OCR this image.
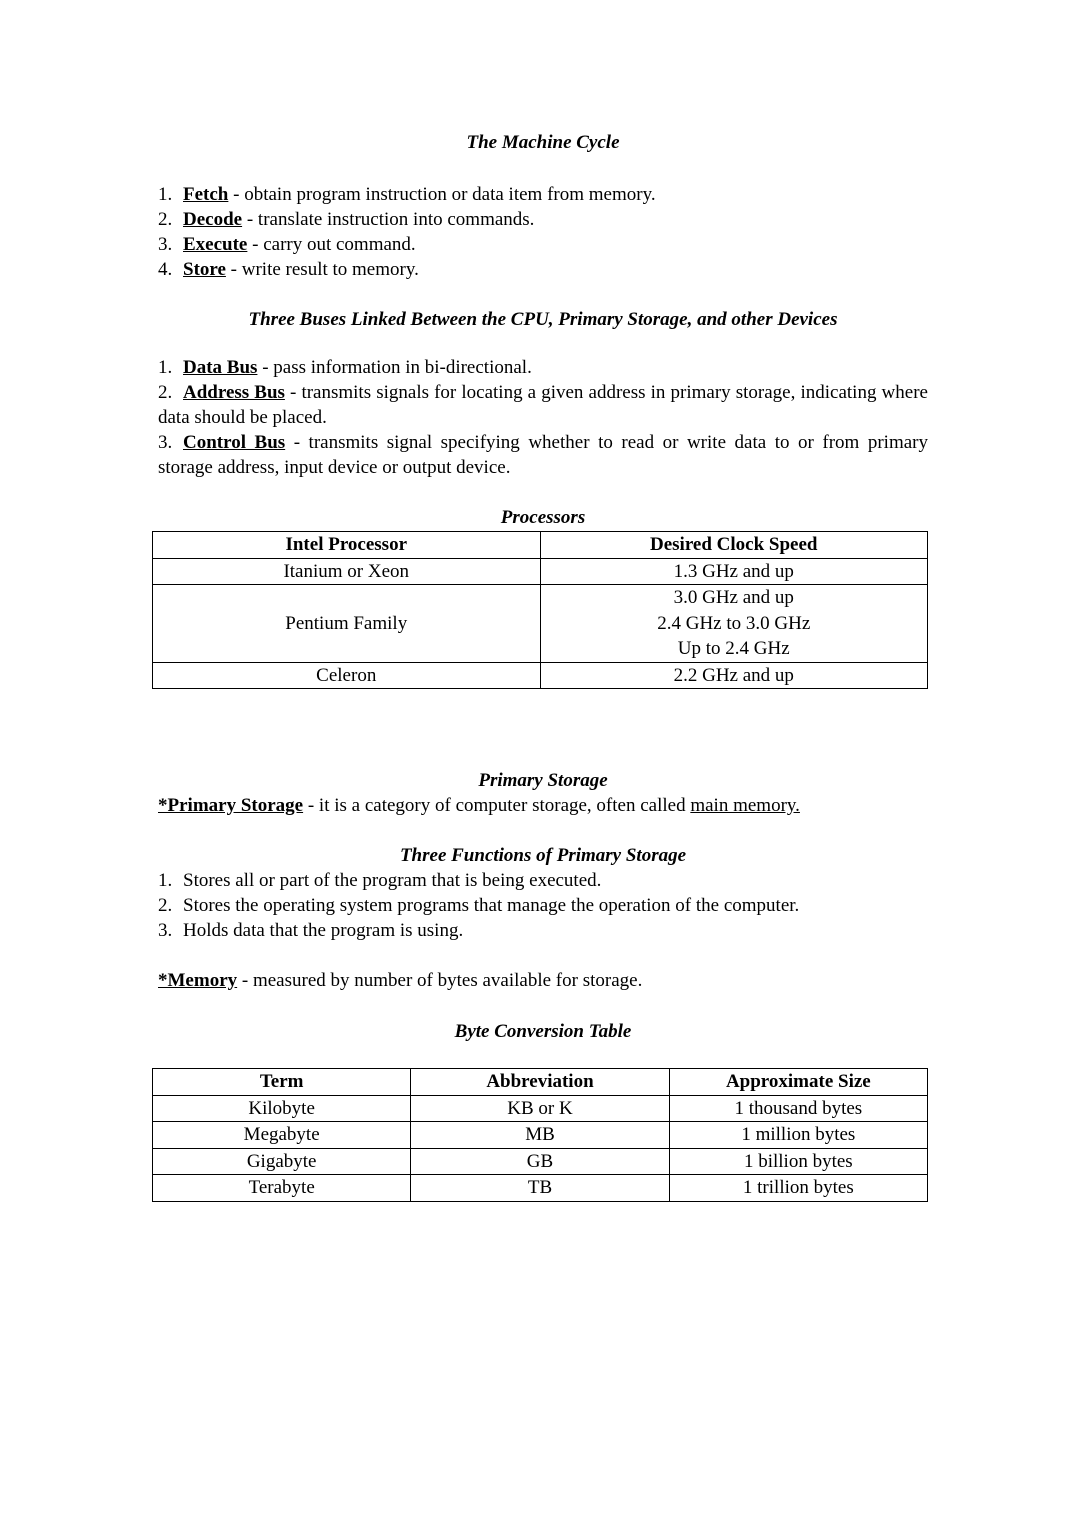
The Machine Cycle

1. Fetch - obtain program instruction or data item from memory.

2. Decode - translate instruction into commands.

3. Execute - carry out command.

4. Store - write result to memory.

Three Buses Linked Between the CPU, Primary Storage, and other Devices

1. Data Bus - pass information in bi-directional.

2. Address Bus - transmits signals for locating a given address in primary storage, indicating where data should be placed.

3. Control Bus - transmits signal specifying whether to read or write data to or from primary storage address, input device or output device.

Processors
Intel Processor	Desired Clock Speed
Itanium or Xeon	1.3 GHz and up
Pentium Family	3.0 GHz and up
2.4 GHz to 3.0 GHz
Up to 2.4 GHz

Celeron	2.2 GHz and up
Primary Storage

*Primary Storage - it is a category of computer storage, often called main memory.

Three Functions of Primary Storage

1. Stores all or part of the program that is being executed.

2. Stores the operating system programs that manage the operation of the computer.

3. Holds data that the program is using.

*Memory - measured by number of bytes available for storage.

Byte Conversion Table
Term	Abbreviation	Approximate Size
Kilobyte	KB or K	1 thousand bytes
Megabyte	MB	1 million bytes
Gigabyte	GB	1 billion bytes
Terabyte	TB	1 trillion bytes
